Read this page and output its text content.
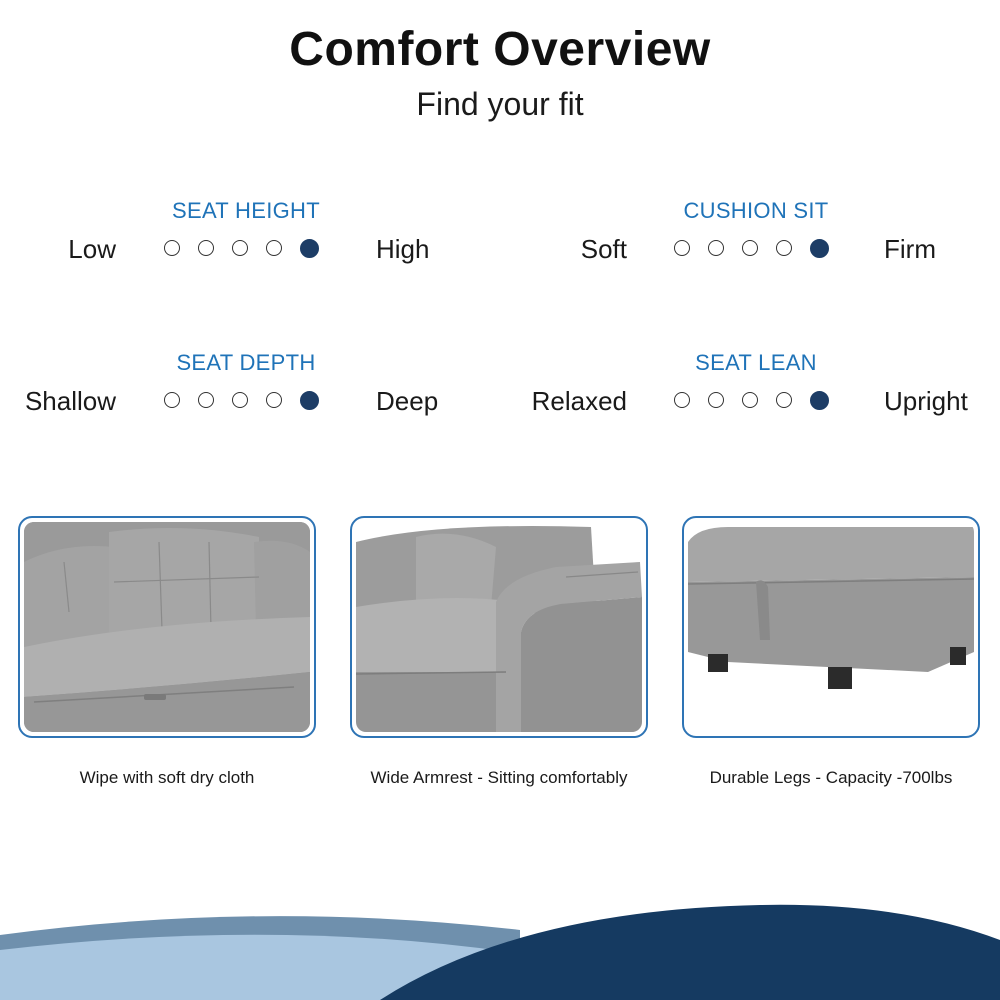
Comfort Overview
Find your fit
SEAT HEIGHT
Low	High
CUSHION SIT
Soft	Firm
SEAT DEPTH
Shallow	Deep
SEAT LEAN
Relaxed	Upright
Wipe with soft dry cloth	Wide Armrest - Sitting comfortably	Durable Legs - Capacity -700lbs
